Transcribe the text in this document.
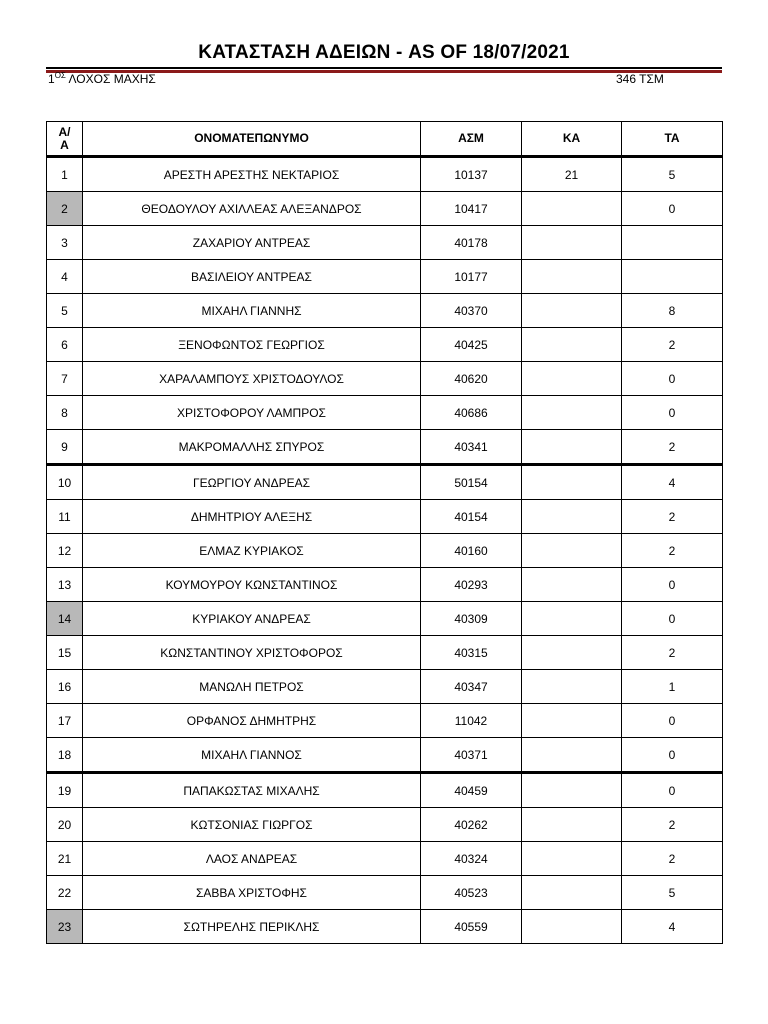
ΚΑΤΑΣΤΑΣΗ ΑΔΕΙΩΝ - AS OF 18/07/2021
$1^{O\Sigma}$ ΛΟΧΟΣ ΜΑΧΗΣ	346 ΤΣΜ
Α/
Α	ΟΝΟΜΑΤΕΠΩΝΥΜΟ	ΑΣΜ	ΚΑ	ΤΑ
1	ΑΡΕΣΤΗ ΑΡΕΣΤΗΣ ΝΕΚΤΑΡΙΟΣ	10137	21	5
2	ΘΕΟΔΟΥΛΟΥ ΑΧΙΛΛΕΑΣ ΑΛΕΞΑΝΔΡΟΣ	10417		0
3	ΖΑΧΑΡΙΟΥ ΑΝΤΡΕΑΣ	40178		
4	ΒΑΣΙΛΕΙΟΥ ΑΝΤΡΕΑΣ	10177		
5	ΜΙΧΑΗΛ ΓΙΑΝΝΗΣ	40370		8
6	ΞΕΝΟΦΩΝΤΟΣ ΓΕΩΡΓΙΟΣ	40425		2
7	ΧΑΡΑΛΑΜΠΟΥΣ ΧΡΙΣΤΟΔΟΥΛΟΣ	40620		0
8	ΧΡΙΣΤΟΦΟΡΟΥ ΛΑΜΠΡΟΣ	40686		0
9	ΜΑΚΡΟΜΑΛΛΗΣ ΣΠΥΡΟΣ	40341		2
10	ΓΕΩΡΓΙΟΥ ΑΝΔΡΕΑΣ	50154		4
11	ΔΗΜΗΤΡΙΟΥ ΑΛΕΞΗΣ	40154		2
12	ΕΛΜΑΖ ΚΥΡΙΑΚΟΣ	40160		2
13	ΚΟΥΜΟΥΡΟΥ ΚΩΝΣΤΑΝΤΙΝΟΣ	40293		0
14	ΚΥΡΙΑΚΟΥ ΑΝΔΡΕΑΣ	40309		0
15	ΚΩΝΣΤΑΝΤΙΝΟΥ ΧΡΙΣΤΟΦΟΡΟΣ	40315		2
16	ΜΑΝΩΛΗ ΠΕΤΡΟΣ	40347		1
17	ΟΡΦΑΝΟΣ ΔΗΜΗΤΡΗΣ	11042		0
18	ΜΙΧΑΗΛ ΓΙΑΝΝΟΣ	40371		0
19	ΠΑΠΑΚΩΣΤΑΣ ΜΙΧΑΛΗΣ	40459		0
20	ΚΩΤΣΟΝΙΑΣ ΓΙΩΡΓΟΣ	40262		2
21	ΛΑΟΣ ΑΝΔΡΕΑΣ	40324		2
22	ΣΑΒΒΑ ΧΡΙΣΤΟΦΗΣ	40523		5
23	ΣΩΤΗΡΕΛΗΣ ΠΕΡΙΚΛΗΣ	40559		4
